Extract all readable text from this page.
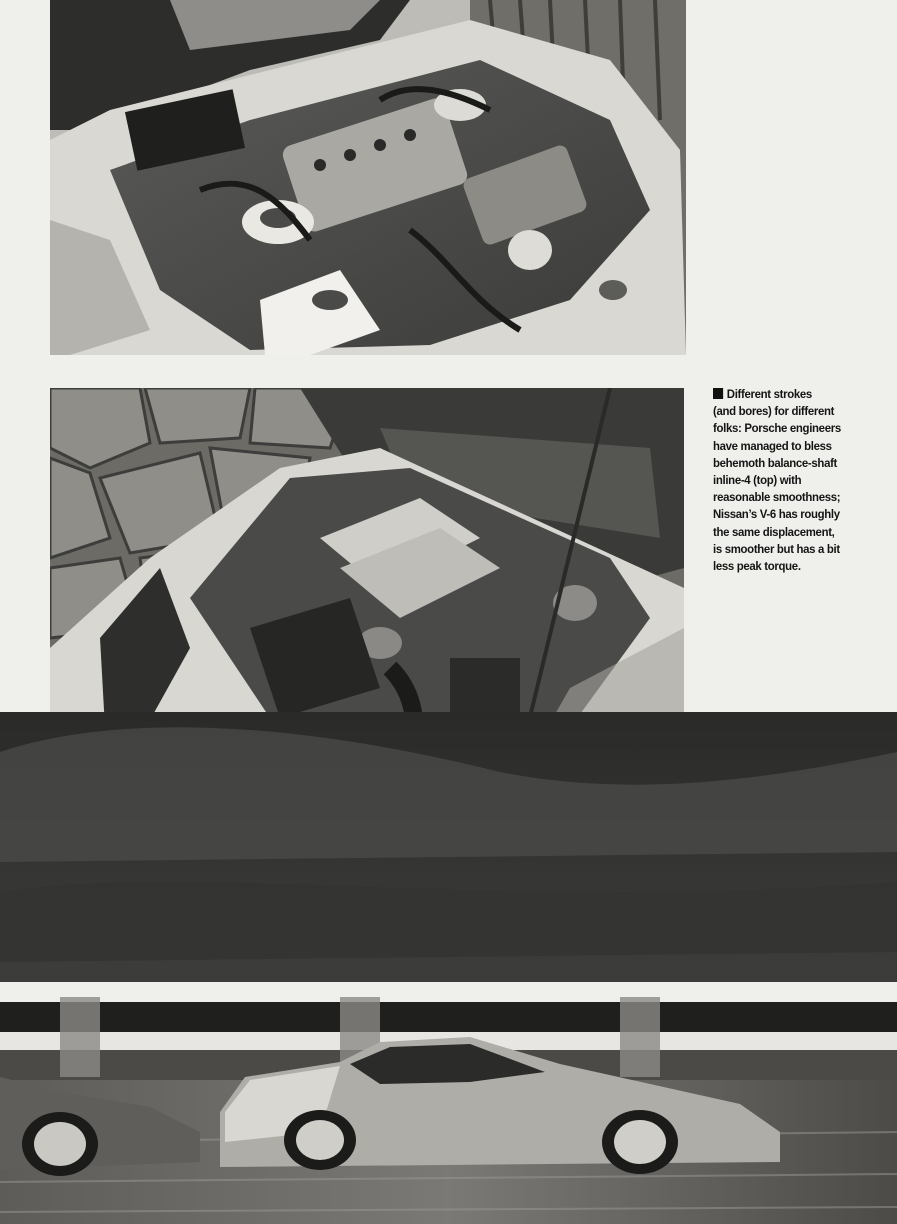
Different strokes
(and bores) for different
folks: Porsche engineers
have managed to bless
behemoth balance-shaft
inline-4 (top) with
reasonable smoothness;
Nissan’s V-6 has roughly
the same displacement,
is smoother but has a bit
less peak torque.
